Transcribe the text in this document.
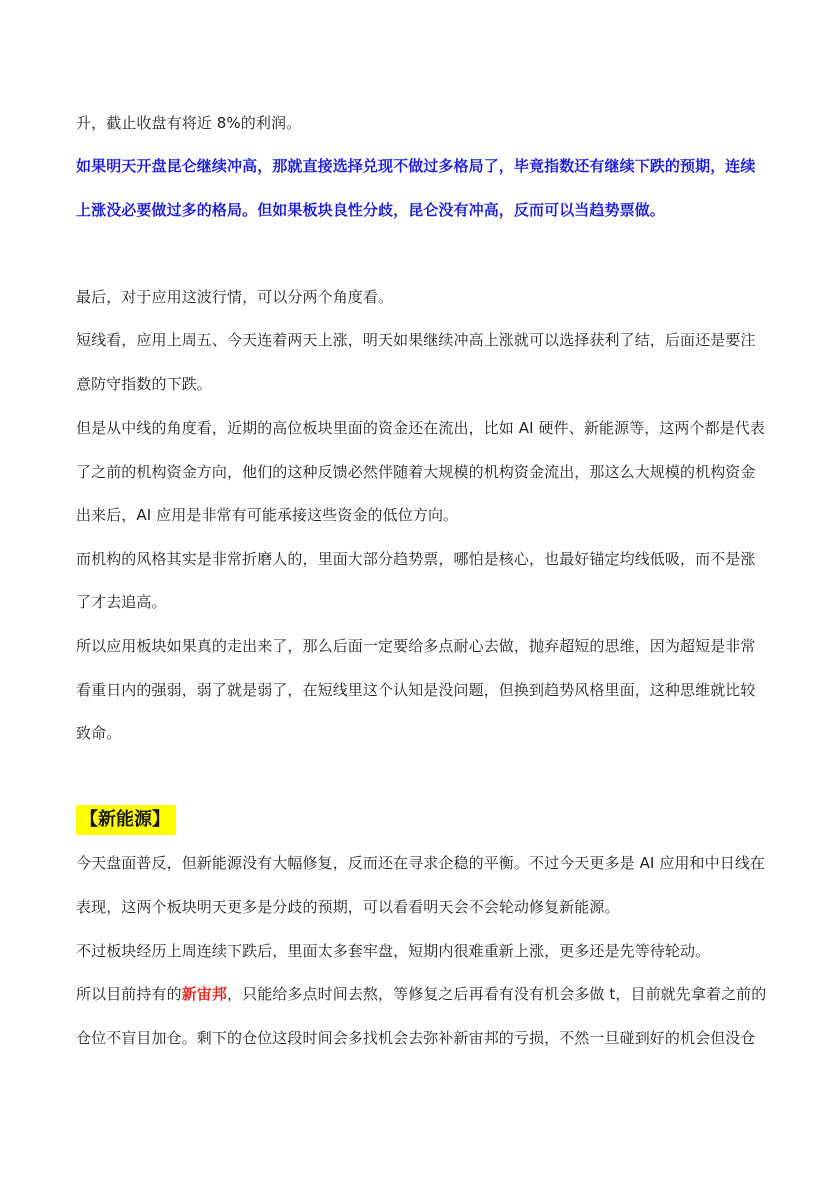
升，截止收盘有将近 8%的利润。
如果明天开盘昆仑继续冲高，那就直接选择兑现不做过多格局了，毕竟指数还有继续下跌的预期，连续
上涨没必要做过多的格局。但如果板块良性分歧，昆仑没有冲高，反而可以当趋势票做。
最后，对于应用这波行情，可以分两个角度看。
短线看，应用上周五、今天连着两天上涨，明天如果继续冲高上涨就可以选择获利了结，后面还是要注
意防守指数的下跌。
但是从中线的角度看，近期的高位板块里面的资金还在流出，比如 AI 硬件、新能源等，这两个都是代表
了之前的机构资金方向，他们的这种反馈必然伴随着大规模的机构资金流出，那这么大规模的机构资金
出来后，AI 应用是非常有可能承接这些资金的低位方向。
而机构的风格其实是非常折磨人的，里面大部分趋势票，哪怕是核心，也最好锚定均线低吸，而不是涨
了才去追高。
所以应用板块如果真的走出来了，那么后面一定要给多点耐心去做，抛弃超短的思维，因为超短是非常
看重日内的强弱，弱了就是弱了，在短线里这个认知是没问题，但换到趋势风格里面，这种思维就比较
致命。
【新能源】
今天盘面普反，但新能源没有大幅修复，反而还在寻求企稳的平衡。不过今天更多是 AI 应用和中日线在
表现，这两个板块明天更多是分歧的预期，可以看看明天会不会轮动修复新能源。
不过板块经历上周连续下跌后，里面太多套牢盘，短期内很难重新上涨，更多还是先等待轮动。
所以目前持有的新宙邦，只能给多点时间去熬，等修复之后再看有没有机会多做 t，目前就先拿着之前的
仓位不盲目加仓。剩下的仓位这段时间会多找机会去弥补新宙邦的亏损，不然一旦碰到好的机会但没仓
